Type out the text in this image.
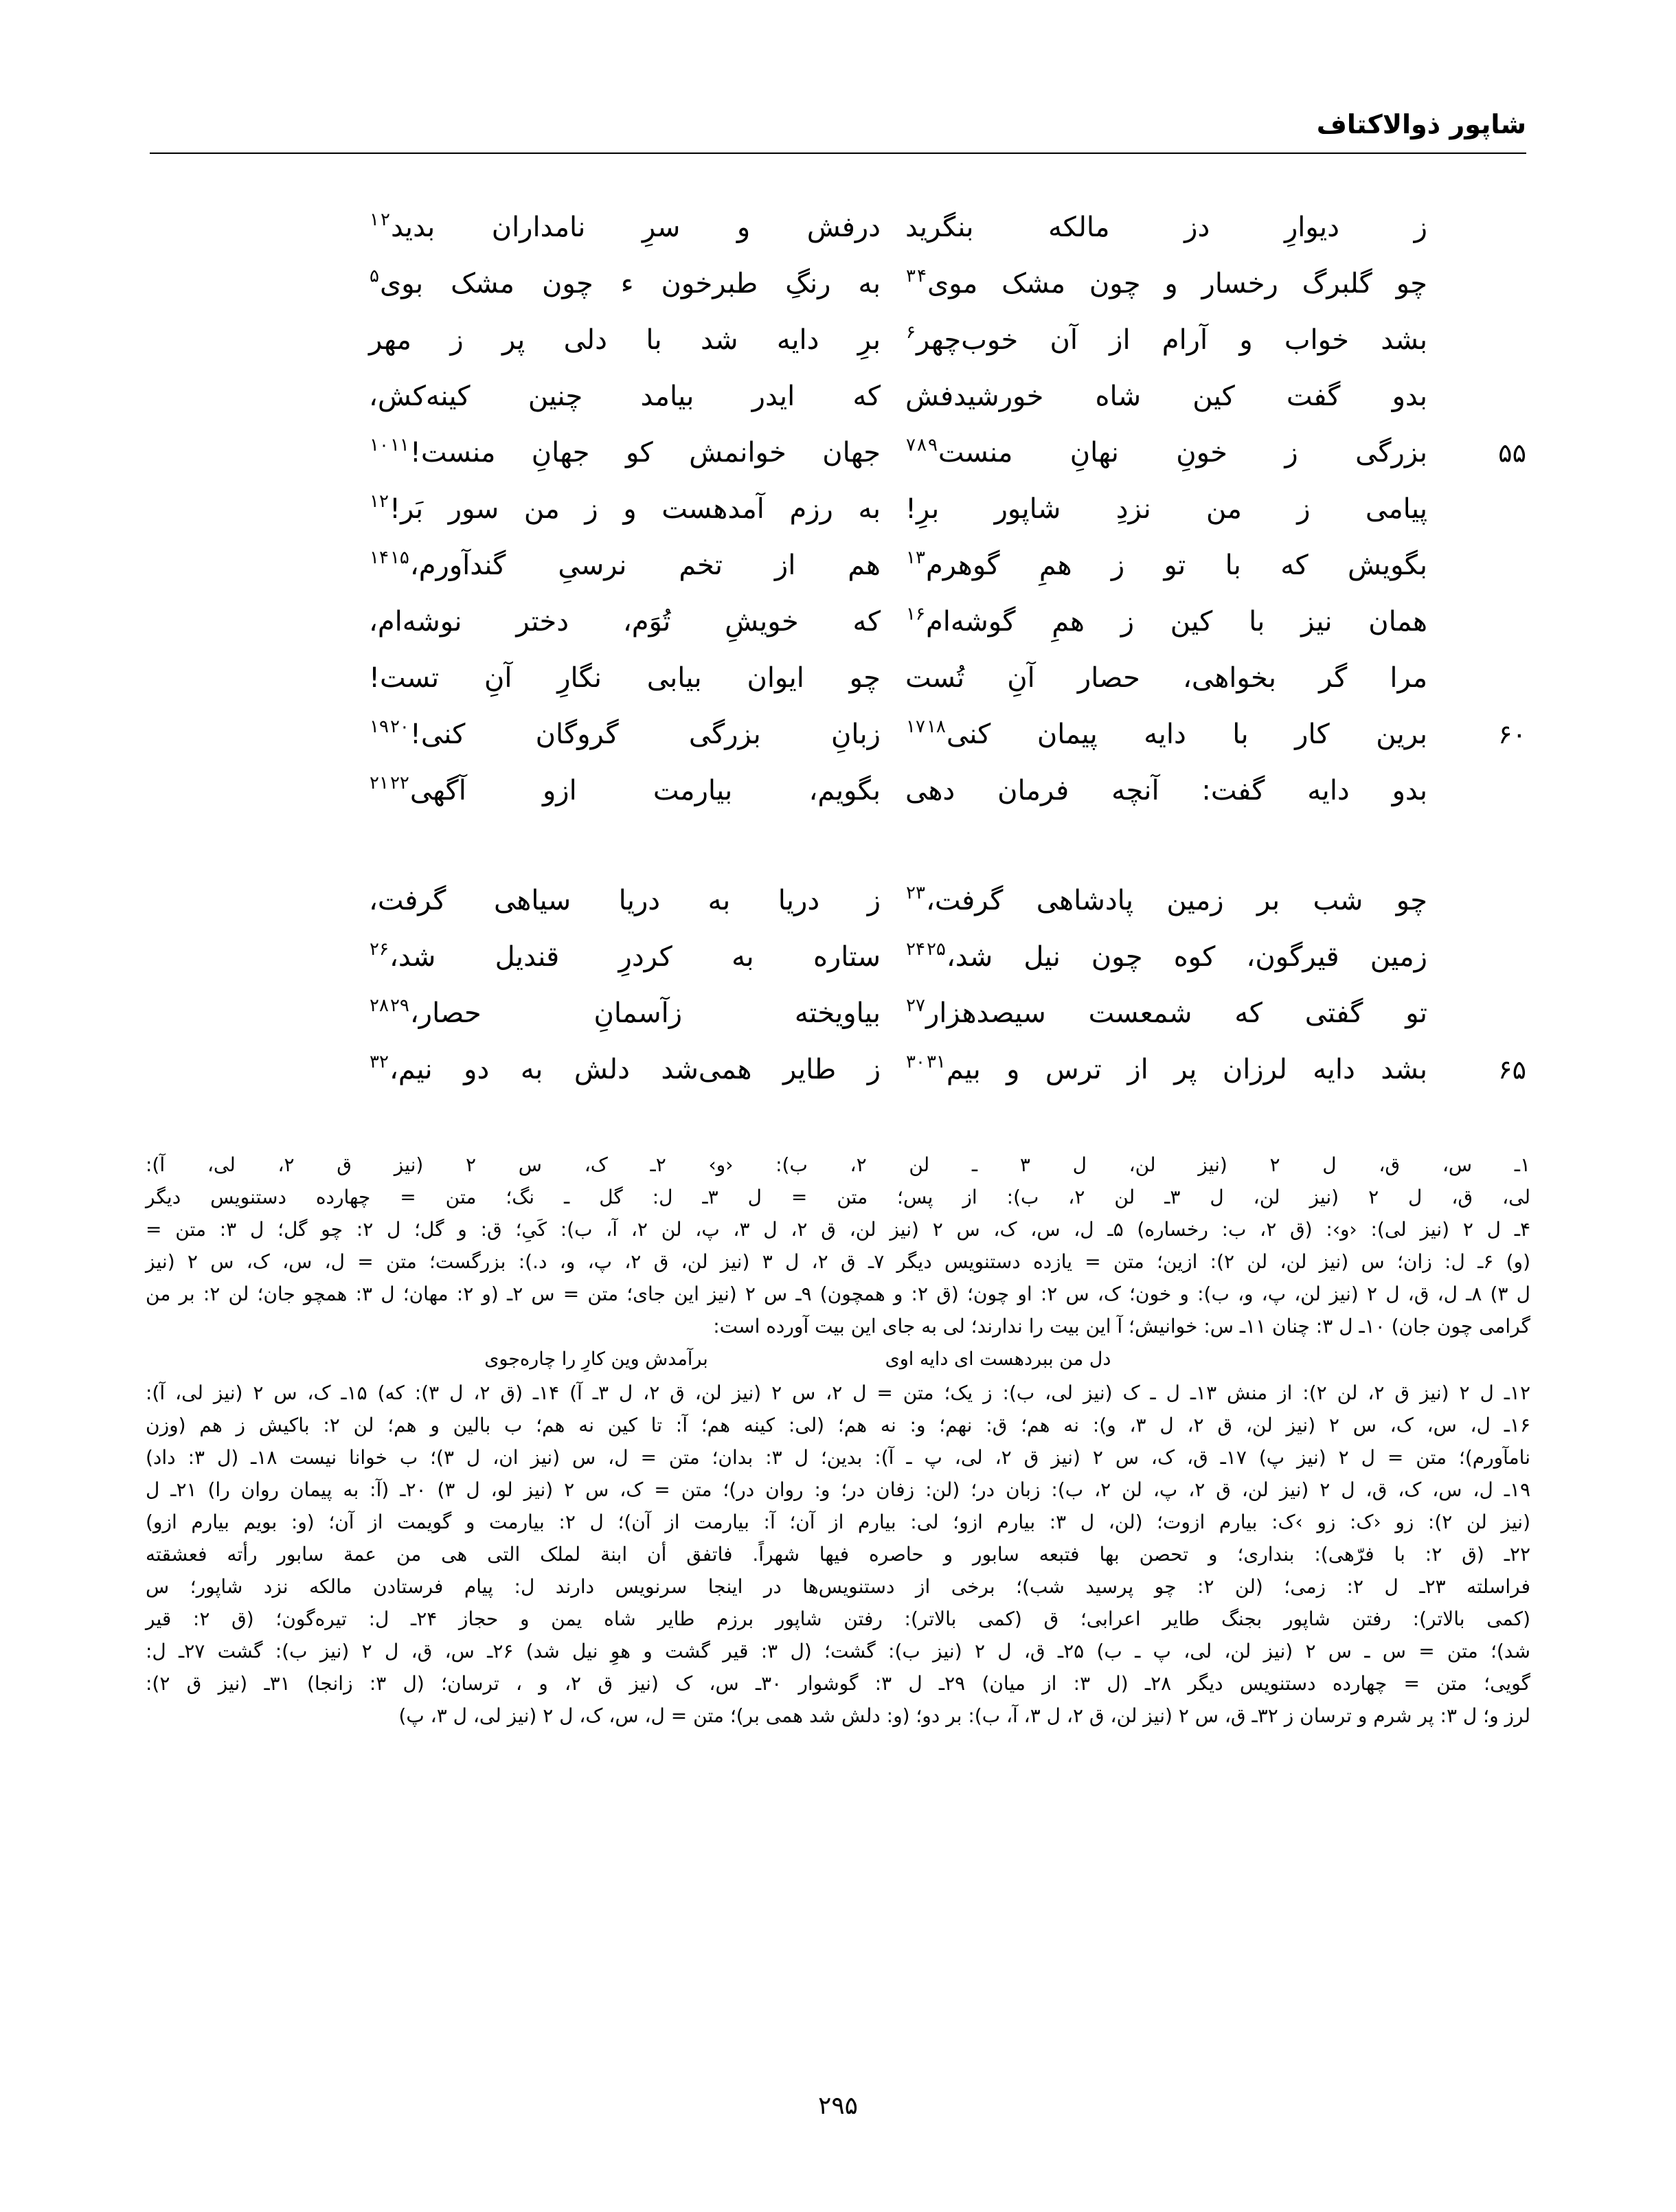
شاپور ذوالاکتاف
ز دیوارِ دز مالکه بنگرید
درفش و سرِ نامداران بدید$^{۱۲}$
چو گلبرگ رخسار و چون مشک موی$^{۳۴}$
به رنگِ طبرخون ء چون مشک بوی$^۵$
بشد خواب و آرام از آن خوب‌چهر$^۶$
برِ دایه شد با دلی پر ز مهر
بدو گفت کین شاه خورشیدفش
که ایدر بیامد چنین کینه‌کش،
۵۵
بزرگی ز خونِ نهانِ منست$^{۷۸۹}$
جهان خوانمش کو جهانِ منست!$^{۱۰۱۱}$
پیامی ز من نزدِ شاپور برِ!
به رزم آمدهست و ز من سور بَر!$^{۱۲}$
بگویش که با تو ز همِ گوهرم$^{۱۳}$
هم از تخم نرسیِ گندآورم،$^{۱۴۱۵}$
همان نیز با کین ز همِ گوشه‌ام$^{۱۶}$
که خویشِ تُوَم، دختر نوشه‌ام،
مرا گر بخواهی، حصار آنِ تُست
چو ایوان بیابی نگارِ آنِ تست!
۶۰
برین کار با دایه پیمان کنی$^{۱۷۱۸}$
زبانِ بزرگی گروگان کنی!$^{۱۹۲۰}$
بدو دایه گفت: آنچه فرمان دهی
بگویم، بیارمت ازو آگهی$^{۲۱۲۲}$
چو شب بر زمین پادشاهی گرفت،$^{۲۳}$
ز دریا به دریا سیاهی گرفت،
زمین قیرگون، کوه چون نیل شد،$^{۲۴۲۵}$
ستاره به کردرِ قندیل شد،$^{۲۶}$
تو گفتی که شمعست سیصدهزار$^{۲۷}$
بیاویخته زآسمانِ حصار،$^{۲۸۲۹}$
۶۵
بشد دایه لرزان پر از ترس و بیم$^{۳۰۳۱}$
ز طایر همی‌شد دلش به دو نیم،$^{۳۲}$

۱ـ س، ق، ل ۲ (نیز لن، ل ۳ ـ لن ۲، ب): ‹و› ۲ـ ک، س ۲ (نیز ق ۲، لی، آ):

لی، ق، ل ۲ (نیز لن، ل ۳ـ لن ۲، ب): از پس؛ متن = ل ۳ـ ل: گل ـ نگ؛ متن = چهارده دستنویس دیگر

۴ـ ل ۲ (نیز لی): ‹و›: (ق ۲، ب: رخساره) ۵ـ ل، س، ک، س ۲ (نیز لن، ق ۲، ل ۳، پ، لن ۲، آ، ب): کَیِ؛ ق: و گل؛ ل ۲: چو گل؛ ل ۳: متن =

(و) ۶ـ ل: زان؛ س (نیز لن، لن ۲): ازین؛ متن = یازده دستنویس دیگر ۷ـ ق ۲، ل ۳ (نیز لن، ق ۲، پ، و، د.): بزرگست؛ متن = ل، س، ک، س ۲ (نیز

ل ۳) ۸ـ ل، ق، ل ۲ (نیز لن، پ، و، ب): و خون؛ ک، س ۲: او چون؛ (ق ۲: و همچون) ۹ـ س ۲ (نیز این جای؛ متن = س ۲ـ (و ۲: مهان؛ ل ۳: همچو جان؛ لن ۲: بر من

گرامی چون جان) ۱۰ـ ل ۳: چنان ۱۱ـ س: خوانیش؛ آ این بیت را ندارند؛ لی به جای این بیت آورده است:

دل من ببردهست ای دایه اوی
برآمدش وین کارِ را چاره‌جوی

۱۲ـ ل ۲ (نیز ق ۲، لن ۲): از منش ۱۳ـ ل ـ ک (نیز لی، ب): ز یک؛ متن = ل ۲، س ۲ (نیز لن، ق ۲، ل ۳ـ آ) ۱۴ـ (ق ۲، ل ۳): که) ۱۵ـ ک، س ۲ (نیز لی، آ):

۱۶ـ ل، س، ک، س ۲ (نیز لن، ق ۲، ل ۳، و): نه هم؛ ق: نهم؛ و: نه هم؛ (لی: کینه هم؛ آ: تا کین نه هم؛ ب بالین و هم؛ لن ۲: باکیش ز هم (وزن

نامآورم)؛ متن = ل ۲ (نیز پ) ۱۷ـ ق، ک، س ۲ (نیز ق ۲، لی، پ ـ آ): بدین؛ ل ۳: بدان؛ متن = ل، س (نیز ان، ل ۳)؛ ب خوانا نیست ۱۸ـ (ل ۳: داد)

۱۹ـ ل، س، ک، ق، ل ۲ (نیز لن، ق ۲، پ، لن ۲، ب): زبان در؛ (لن: زفان در؛ و: روان در)؛ متن = ک، س ۲ (نیز لو، ل ۳) ۲۰ـ (آ: به پیمان روان را) ۲۱ـ ل

(نیز لن ۲): زو ‹ک: زو ›ک: بیارم ازوت؛ (لن، ل ۳: بیارم ازو؛ لی: بیارم از آن؛ آ: بیارمت از آن)؛ ل ۲: بیارمت و گویمت از آن؛ (و: بویم بیارم ازو)

۲۲ـ (ق ۲: با فرّهی): بنداری؛ و تحصن بها فتبعه سابور و حاصره فیها شهراً. فاتفق أن ابنة لملک التی هی من عمة سابور رأته فعشقته

فراسلته ۲۳ـ ل ۲: زمی؛ (لن ۲: چو پرسید شب)؛ برخی از دستنویس‌ها در اینجا سرنویس دارند ل: پیام فرستادن مالکه نزد شاپور؛ س

(کمی بالاتر): رفتن شاپور بجنگ طایر اعرابی؛ ق (کمی بالاتر): رفتن شاپور برزم طایر شاه یمن و حجاز ۲۴ـ ل: تیره‌گون؛ (ق ۲: قیر

شد)؛ متن = س ـ س ۲ (نیز لن، لی، پ ـ ب) ۲۵ـ ق، ل ۲ (نیز ب): گشت؛ (ل ۳: قیر گشت و هوِ نیل شد) ۲۶ـ س، ق، ل ۲ (نیز ب): گشت ۲۷ـ ل:

گویی؛ متن = چهارده دستنویس دیگر ۲۸ـ (ل ۳: از میان) ۲۹ـ ل ۳: گوشوار ۳۰ـ س، ک (نیز ق ۲، و ، ترسان؛ (ل ۳: زانجا) ۳۱ـ (نیز ق ۲):

لرز و؛ ل ۳: پر شرم و ترسان ز ۳۲ـ ق، س ۲ (نیز لن، ق ۲، ل ۳، آ، ب): بر دو؛ (و: دلش شد همی بر)؛ متن = ل، س، ک، ل ۲ (نیز لی، ل ۳، پ)

۲۹۵
